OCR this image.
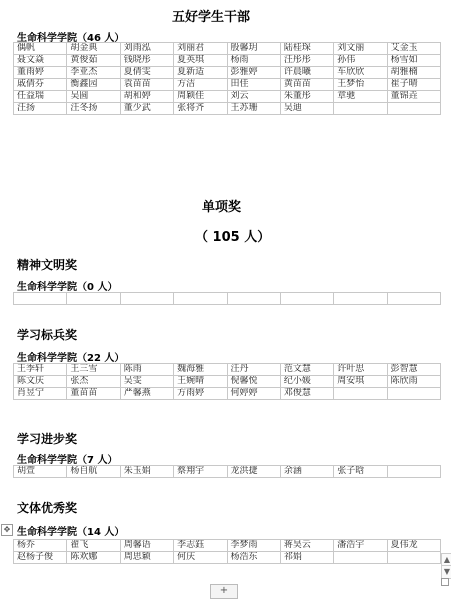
五好学生干部
生命科学学院（46 人）
偶帆	胡金典	刘雨泓	刘丽君	殷馨玥	陆桂琛	刘文丽	艾金玉
聂文焱	黄俊茹	钱晓彤	夏英琪	杨雨	汪彤彤	孙伟	杨雪如
董雨婷	李亚杰	夏倩雯	夏新适	彭雅婷	许晨曦	车欣欣	胡雅楠
戚倩芬	衡鑫园	袁苗苗	方洁	田佳	黄苗苗	王梦怡	崔子晴
任益瑞	吴圆	胡和婷	周颖佳	刘云	朱董彤	章驰	董锦垚
汪扬	汪冬扬	董少武	张将齐	王苏珊	吴迪		
单项奖
（ 105 人）
精神文明奖
生命科学学院（0 人）

学习标兵奖
生命科学学院（22 人）
王季轩	王三雪	陈雨	魏海雅	汪丹	范文慧	许叶思	彭智慧
陈文庆	张杰	吴雯	王婉晴	倪馨悦	纪小媛	周安琪	陈欣雨
肖昱宁	董苗苗	严馨燕	方雨婷	何婷婷	邓俊慧		
学习进步奖
生命科学学院（7 人）
胡萱	杨自航	朱玉娟	蔡翔宇	龙洪捷	余涵	张子晗	
文体优秀奖
生命科学学院（14 人）
杨乔	翟飞	周馨语	李志鈺	李梦雨	蒋昊云	潘浩宇	夏伟龙
赵杨子俊	陈欢娜	周思颖	何庆	杨浩东	祁娟		
✥
+
▲
▼
